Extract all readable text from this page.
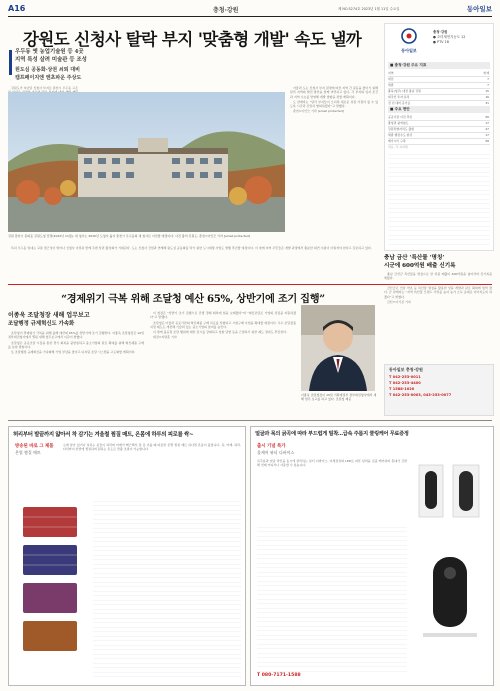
A16	충청·강원	제 NO.5274호 2023년 1월 11일 수요일	동아일보
강원도 신청사 탈락 부지 '맞춤형 개발' 속도 낼까
우두동 옛 농업기술원 등 4곳
지역 특성 살려 미술관 등 조성
원도심 공동화·상권 쇠퇴 대비
캠프페이지엔 엔초파운 주상도

강원도가 지난달 신청사 부지로 춘천시 우두동 고은

강원 춘천시 봉의동 강원도청 전경(2022년 11월). 새 청사는 2030년 도청사 옮겨 춘천시 우두동의 새 청사로 이전할 예정이다. 사진 출처 강원도, 춘천=이인모 기자 [email protected]

아울러 도는 신청사 부지 결정에 따른 지역 간 갈등을 줄이기 위해 탈락 지역의 발전 방안을 함께 마련하고 있다. 각 부지의 입지 조건과 지역 수요를 반영해 개발 방향을 정할 계획이다.

도 관계자는 “탈락 부지들이 오히려 새로운 성장 거점이 될 수 있도록 시군과 긴밀히 협의하겠다”고 말했다.

춘천=이인모 기자 [email protected]

특히 우두동 일대는 교통 접근성이 뛰어나 신청사 이전과 함께 주변 상권 활성화가 기대된다. 도는 신청사 건립과 연계해 원도심 공동화를 막기 위한 도시재생 사업도 병행 추진할 예정이다. 이 밖에 지역 주민들은 개발 과정에서 충분한 의견 수렴이 이뤄져야 한다고 강조하고 있다.

동아일보
충청·강원
● 초미세먼지농도 12
● PTV 18
■ 충청·강원 주요 지표
지역	현재
대전	7
세종	7
충북(청주) 대전 충남 강원	15
외국인 투자 유치	16
전 년 대비 증가율	31
■ 주요 현안
공공기관 이전 추진	56
충청권 광역철도	17
강원특별자치도 출범	47
세종 행정수도 완성	17
메가시티 구축	58
자료: 각 지자체
충남 금산 ‘특산물 ‘명칭’
시군에 600억원 배출 신기록

충남 금산군 특산물을 명칭으로 한 상품 매출이 600억원을 넘어서며 신기록을 세웠다.

“경제위기 극복 위해 조달청 예산 65%, 상반기에 조기 집행”
이종욱 조달청장 새해 업무보고
조달행정 규제혁신도 가속화

조달청이 경제위기 극복을 위해 올해 예산의 65%를 상반기에 조기 집행한다. 이종욱 조달청장은 10일 정부대전청사에서 열린 새해 업무보고에서 이같이 밝혔다.

조달청은 공공조달 시장을 통한 경기 회복을 뒷받침하고 중소기업의 판로 확대를 위해 혁신제품 구매를 늘릴 방침이다.

또 조달행정 규제혁신을 가속화해 기업 부담을 줄이고 디지털 조달 시스템을 고도화할 계획이다.

이 청장은 “상반기 조기 집행으로 민생 경제 회복에 힘을 보태겠다”며 “혁신조달로 기업의 성장을 지원하겠다”고 말했다.

조달청은 아울러 공공기관의 혁신제품 구매 목표를 상향하고 시범구매 사업을 확대할 예정이다. 우수 조달물품 지정 제도도 개선해 기술력 있는 중소기업의 참여를 높인다.

이 밖에 불공정 조달 행위에 대한 감시를 강화하고 입찰 담합 등을 근절하기 위한 제도 정비도 추진한다.

대전=지명훈 기자

이종욱 조달청장이 10일 기획재정부 정부대전청사에서 새해 업무 보고를 하고 있다. 조달청 제공

금산군은 인삼 약초 등 특산물 명칭을 활용한 상품 개발과 판로 확대에 힘써 왔다. 군 관계자는 “지역 특산물 브랜드 가치를 높여 농가 소득 증대로 이어지도록 하겠다”고 밝혔다.

금산=이기진 기자

동아일보 충청·강원
T 042-253-0011
T 042-253-4400
T 1588-1020
T 042-253-0003, 043-253-0077
허리부터 발끝까지 얇아서 착 감기는 겨울철 찜질 매트, 온몸에 하루의 피로를 싹~
방송된 바로 그 제품
온열 찜질 매트
오래 앉아 있거나 일하는 분들이 허리와 어깨가 뻐근해서 잠 못 이룰 때 따뜻한 온열 찜질 매트 하나면 온몸이 풀립니다. 목, 어깨, 허리, 다리까지 한번에 찜질하며 원하는 온도로 맞춤 조절이 가능합니다.
얼굴과 목의 굵곡에 따라 부드럽게 밀착…급속 주름지 쿨링케어 무료증정
출시 기념 특가
올케어 뷰티 디바이스
목주름과 얼굴 라인을 동시에 관리하는 뷰티 디바이스. 미세전류와 LED로 피부 탄력을 집중 케어하며 휴대가 간편해 언제 어디서나 사용할 수 있습니다.
T 080-7171-1588
